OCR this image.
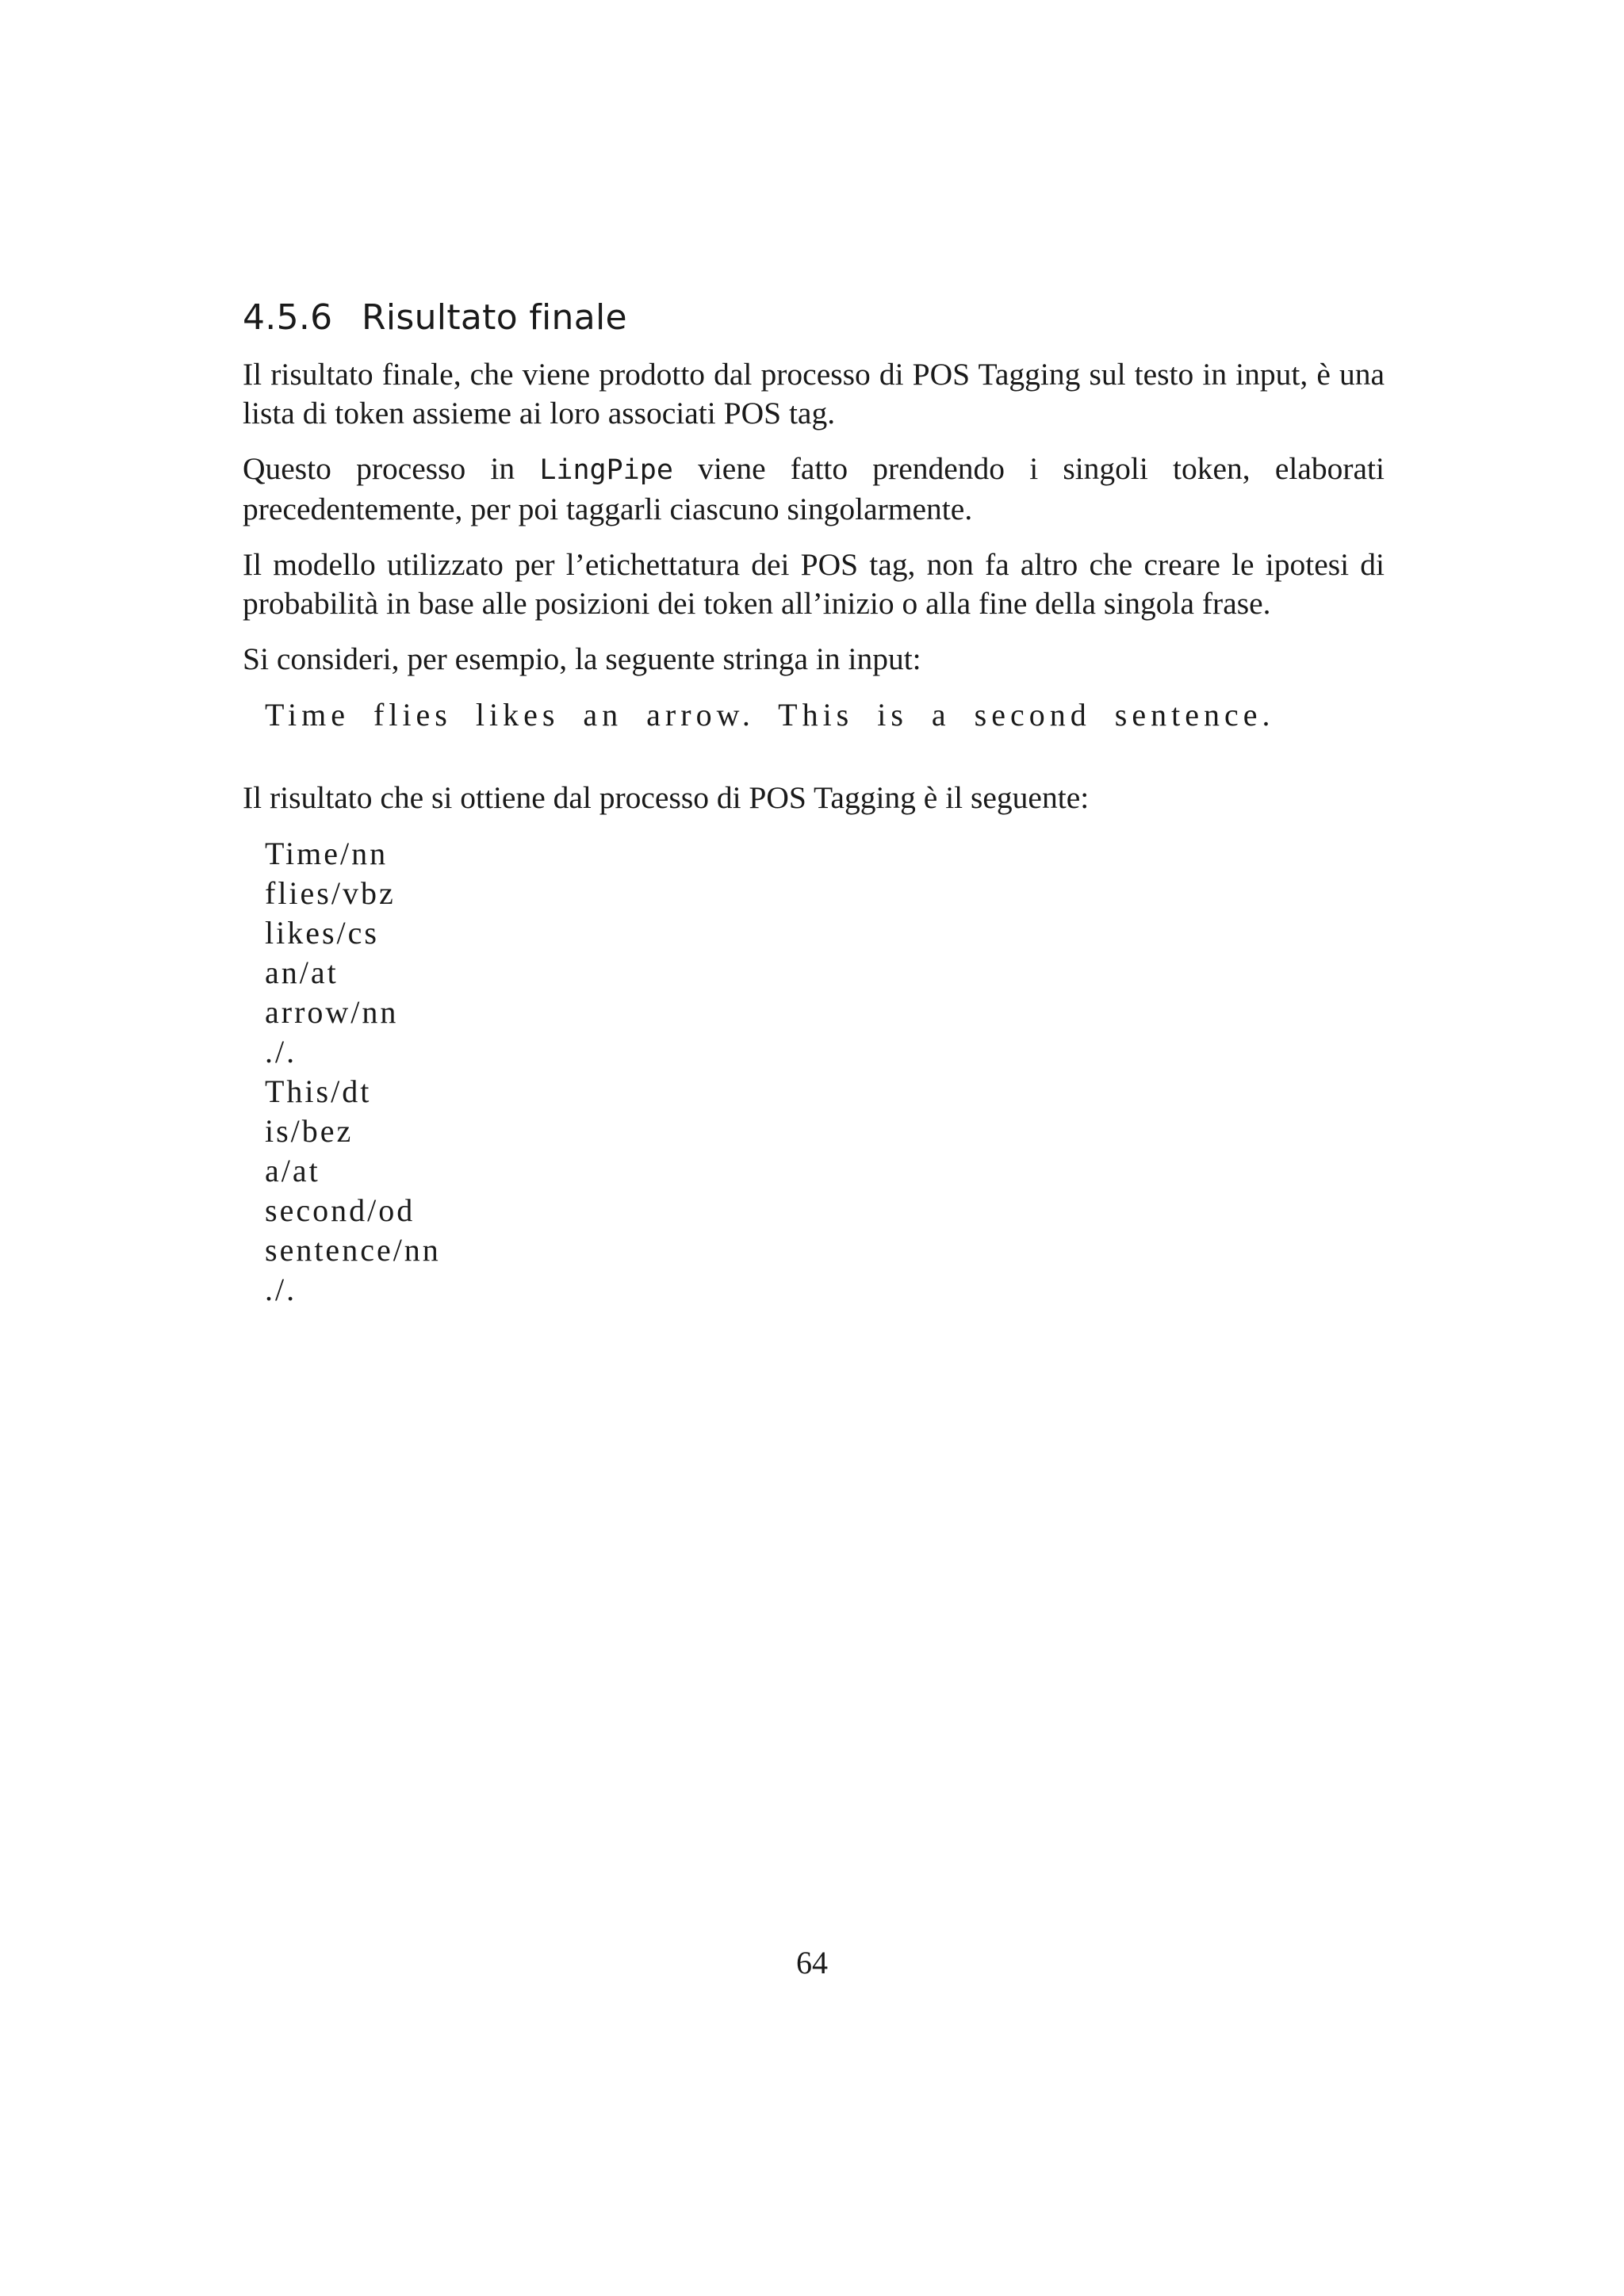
4.5.6 Risultato finale

Il risultato finale, che viene prodotto dal processo di POS Tagging sul testo in input, è una lista di token assieme ai loro associati POS tag.

Questo processo in LingPipe viene fatto prendendo i singoli token, elaborati precedentemente, per poi taggarli ciascuno singolarmente.

Il modello utilizzato per l’etichettatura dei POS tag, non fa altro che creare le ipotesi di probabilità in base alle posizioni dei token all’inizio o alla fine della singola frase.

Si consideri, per esempio, la seguente stringa in input:

Time flies likes an arrow. This is a second sentence.

Il risultato che si ottiene dal processo di POS Tagging è il seguente:

Time/nn
flies/vbz
likes/cs
an/at
arrow/nn
./.
This/dt
is/bez
a/at
second/od
sentence/nn
./.
64
